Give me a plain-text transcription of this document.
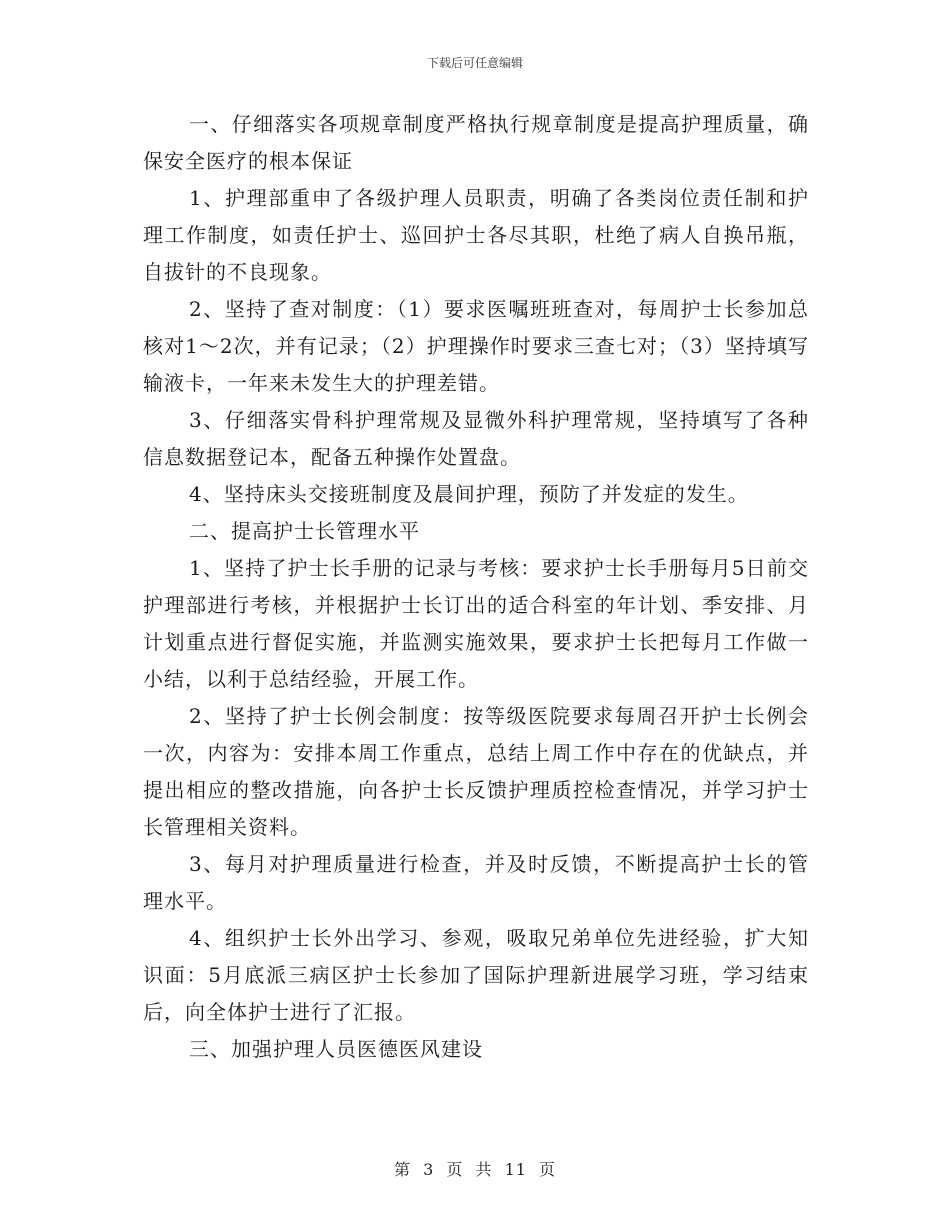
下载后可任意编辑

一、仔细落实各项规章制度严格执行规章制度是提高护理质量，确保安全医疗的根本保证

1、护理部重申了各级护理人员职责，明确了各类岗位责任制和护理工作制度，如责任护士、巡回护士各尽其职，杜绝了病人自换吊瓶，自拔针的不良现象。

2、坚持了查对制度：（1）要求医嘱班班查对，每周护士长参加总核对1～2次，并有记录；（2）护理操作时要求三查七对；（3）坚持填写输液卡，一年来未发生大的护理差错。

3、仔细落实骨科护理常规及显微外科护理常规，坚持填写了各种信息数据登记本，配备五种操作处置盘。

4、坚持床头交接班制度及晨间护理，预防了并发症的发生。

二、提高护士长管理水平

1、坚持了护士长手册的记录与考核：要求护士长手册每月5日前交护理部进行考核，并根据护士长订出的适合科室的年计划、季安排、月计划重点进行督促实施，并监测实施效果，要求护士长把每月工作做一小结，以利于总结经验，开展工作。

2、坚持了护士长例会制度：按等级医院要求每周召开护士长例会一次，内容为：安排本周工作重点，总结上周工作中存在的优缺点，并提出相应的整改措施，向各护士长反馈护理质控检查情况，并学习护士长管理相关资料。

3、每月对护理质量进行检查，并及时反馈，不断提高护士长的管理水平。

4、组织护士长外出学习、参观，吸取兄弟单位先进经验，扩大知识面：5月底派三病区护士长参加了国际护理新进展学习班，学习结束后，向全体护士进行了汇报。

三、加强护理人员医德医风建设

第 3 页 共 11 页
